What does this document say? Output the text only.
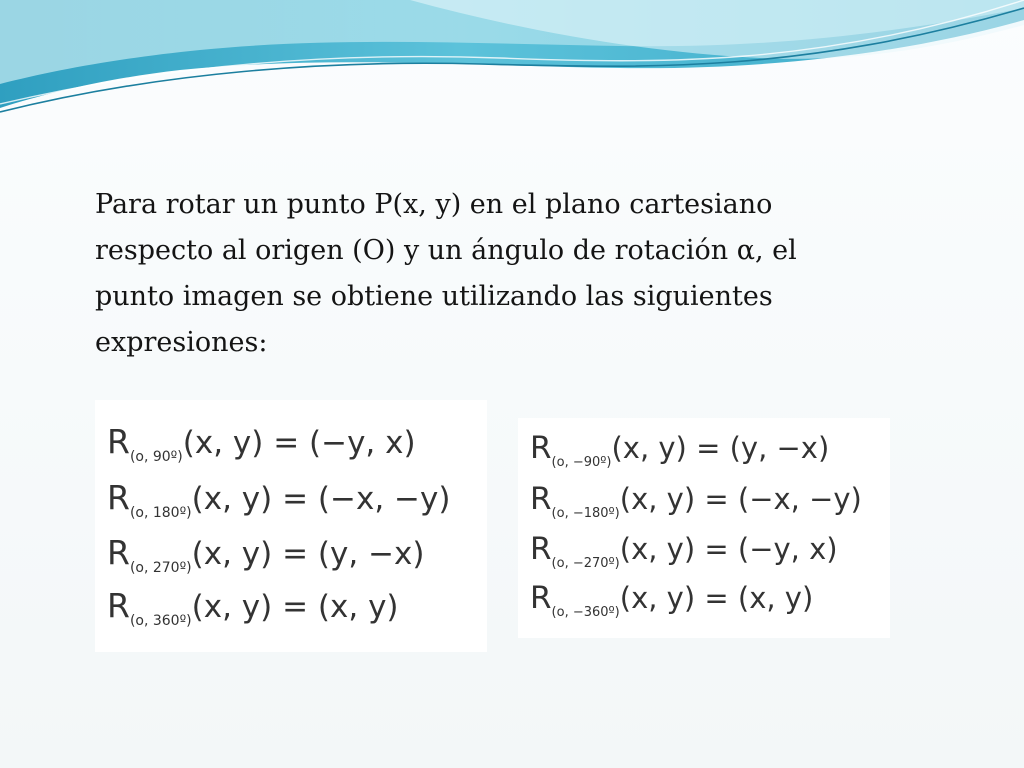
Para rotar un punto P(x, y) en el plano cartesiano
respecto al origen (O) y un ángulo de rotación α, el
punto imagen se obtiene utilizando las siguientes
expresiones:
$R_{(o, 90º)}(x$, y) = (−y, x)
$R_{(o, 180º)}(x$, y) = (−x, −y)
$R_{(o, 270º)}(x$, y) = (y, −x)
$R_{(o, 360º)}(x$, y) = (x, y)
$R_{(o, -90º)}(x$, y) = (y, −x)
$R_{(o, -180º)}(x$, y) = (−x, −y)
$R_{(o, -270º)}(x$, y) = (−y, x)
$R_{(o, -360º)}(x$, y) = (x, y)
